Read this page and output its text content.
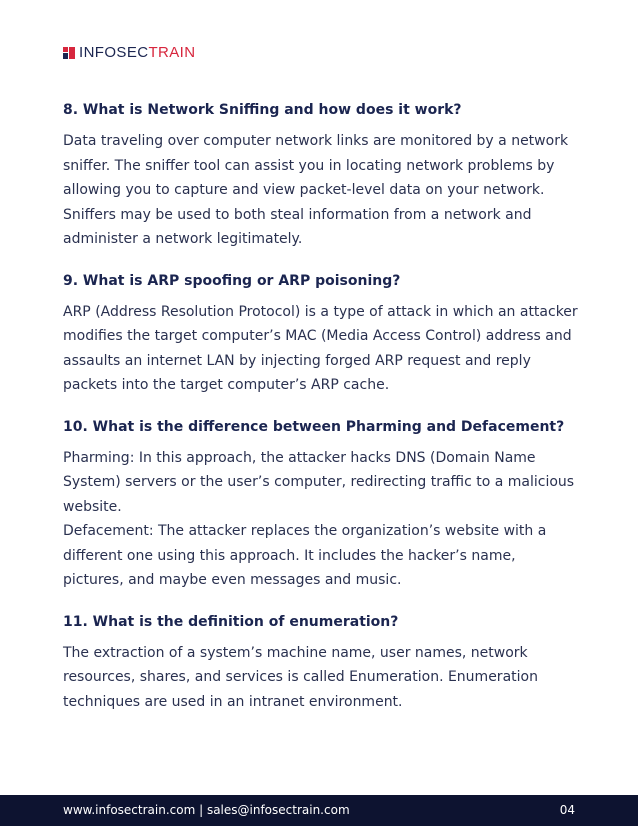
INFOSECTRAIN
8. What is Network Sniffing and how does it work?

Data traveling over computer network links are monitored by a network sniffer. The sniffer tool can assist you in locating network problems by allowing you to capture and view packet-level data on your network. Sniffers may be used to both steal information from a network and administer a network legitimately.

9. What is ARP spoofing or ARP poisoning?

ARP (Address Resolution Protocol) is a type of attack in which an attacker modifies the target computer’s MAC (Media Access Control) address and assaults an internet LAN by injecting forged ARP request and reply packets into the target computer’s ARP cache.

10. What is the difference between Pharming and Defacement?

Pharming: In this approach, the attacker hacks DNS (Domain Name System) servers or the user’s computer, redirecting traffic to a malicious website.

Defacement: The attacker replaces the organization’s website with a different one using this approach. It includes the hacker’s name, pictures, and maybe even messages and music.

11. What is the definition of enumeration?

The extraction of a system’s machine name, user names, network resources, shares, and services is called Enumeration. Enumeration techniques are used in an intranet environment.

www.infosectrain.com | sales@infosectrain.com	04
